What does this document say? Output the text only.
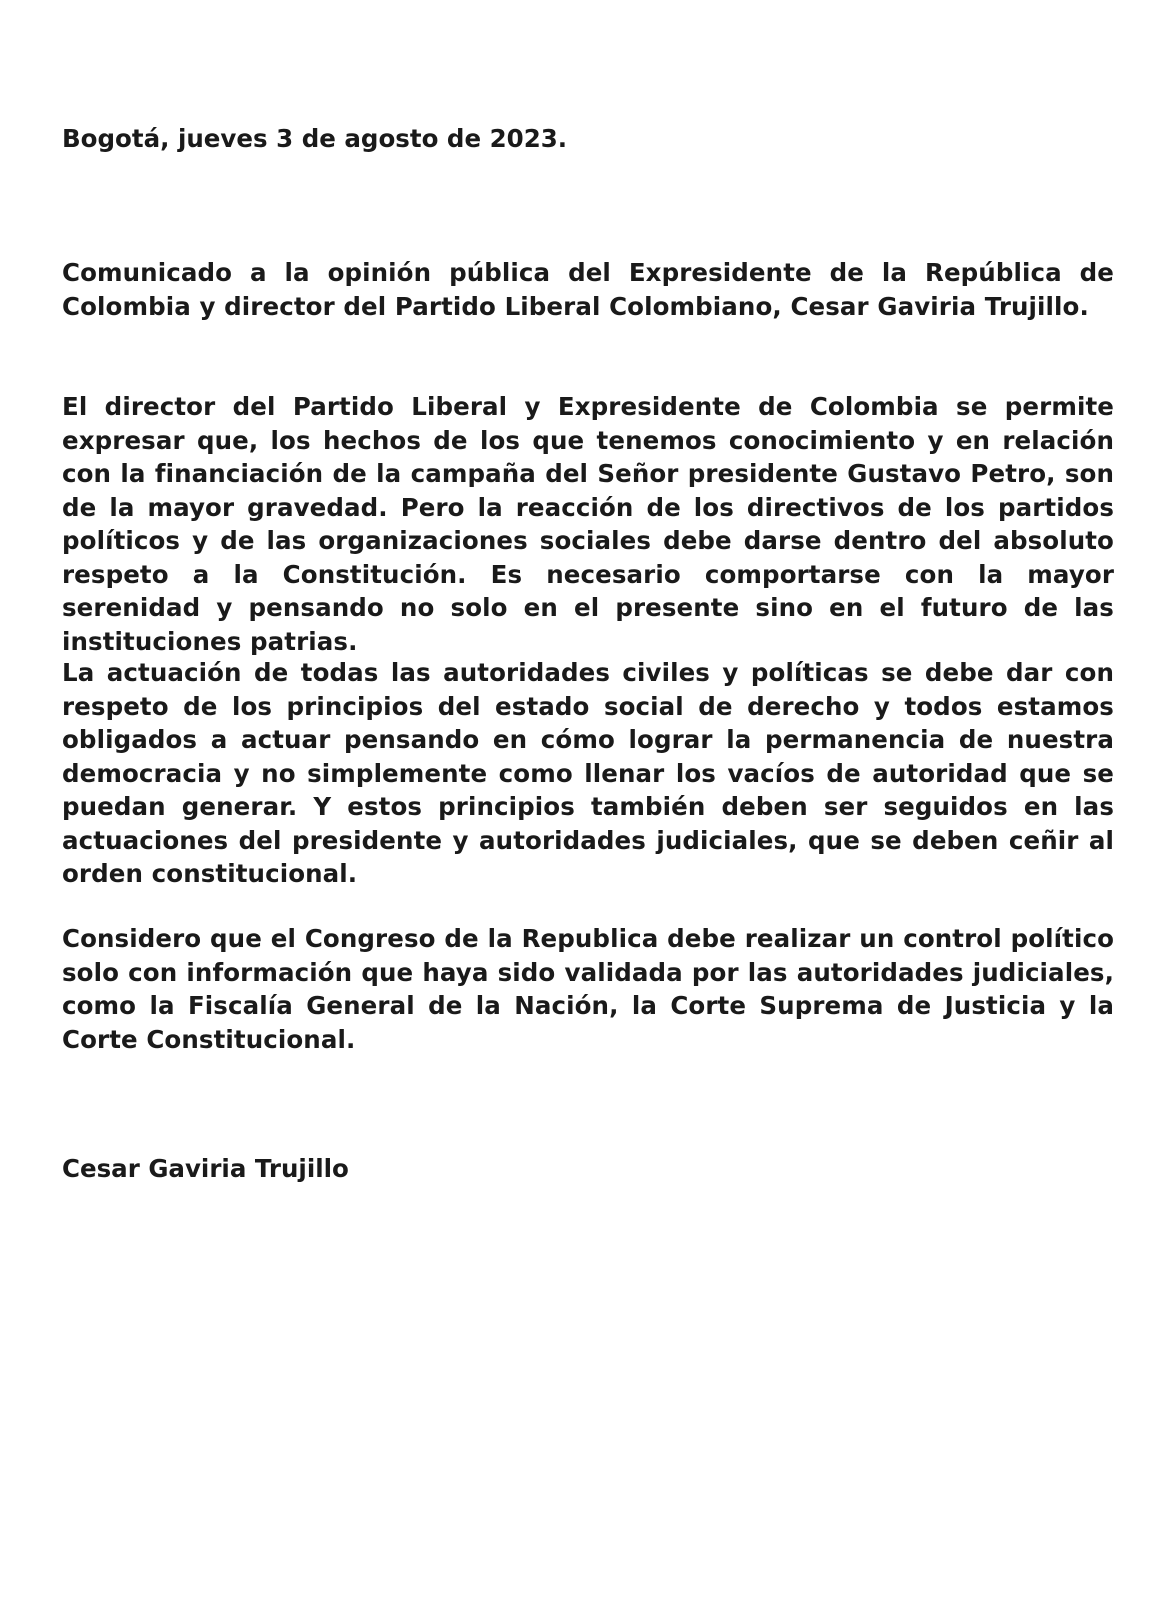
Bogotá, jueves 3 de agosto de 2023.

Comunicado a la opinión pública del Expresidente de la República de Colombia y director del Partido Liberal Colombiano, Cesar Gaviria Trujillo.

El director del Partido Liberal y Expresidente de Colombia se permite expresar que, los hechos de los que tenemos conocimiento y en relación con la financiación de la campaña del Señor presidente Gustavo Petro, son de la mayor gravedad. Pero la reacción de los directivos de los partidos políticos y de las organizaciones sociales debe darse dentro del absoluto respeto a la Constitución. Es necesario comportarse con la mayor serenidad y pensando no solo en el presente sino en el futuro de las instituciones patrias.

La actuación de todas las autoridades civiles y políticas se debe dar con respeto de los principios del estado social de derecho y todos estamos obligados a actuar pensando en cómo lograr la permanencia de nuestra democracia y no simplemente como llenar los vacíos de autoridad que se puedan generar. Y estos principios también deben ser seguidos en las actuaciones del presidente y autoridades judiciales, que se deben ceñir al orden constitucional.

Considero que el Congreso de la Republica debe realizar un control político solo con información que haya sido validada por las autoridades judiciales, como la Fiscalía General de la Nación, la Corte Suprema de Justicia y la Corte Constitucional.

Cesar Gaviria Trujillo
